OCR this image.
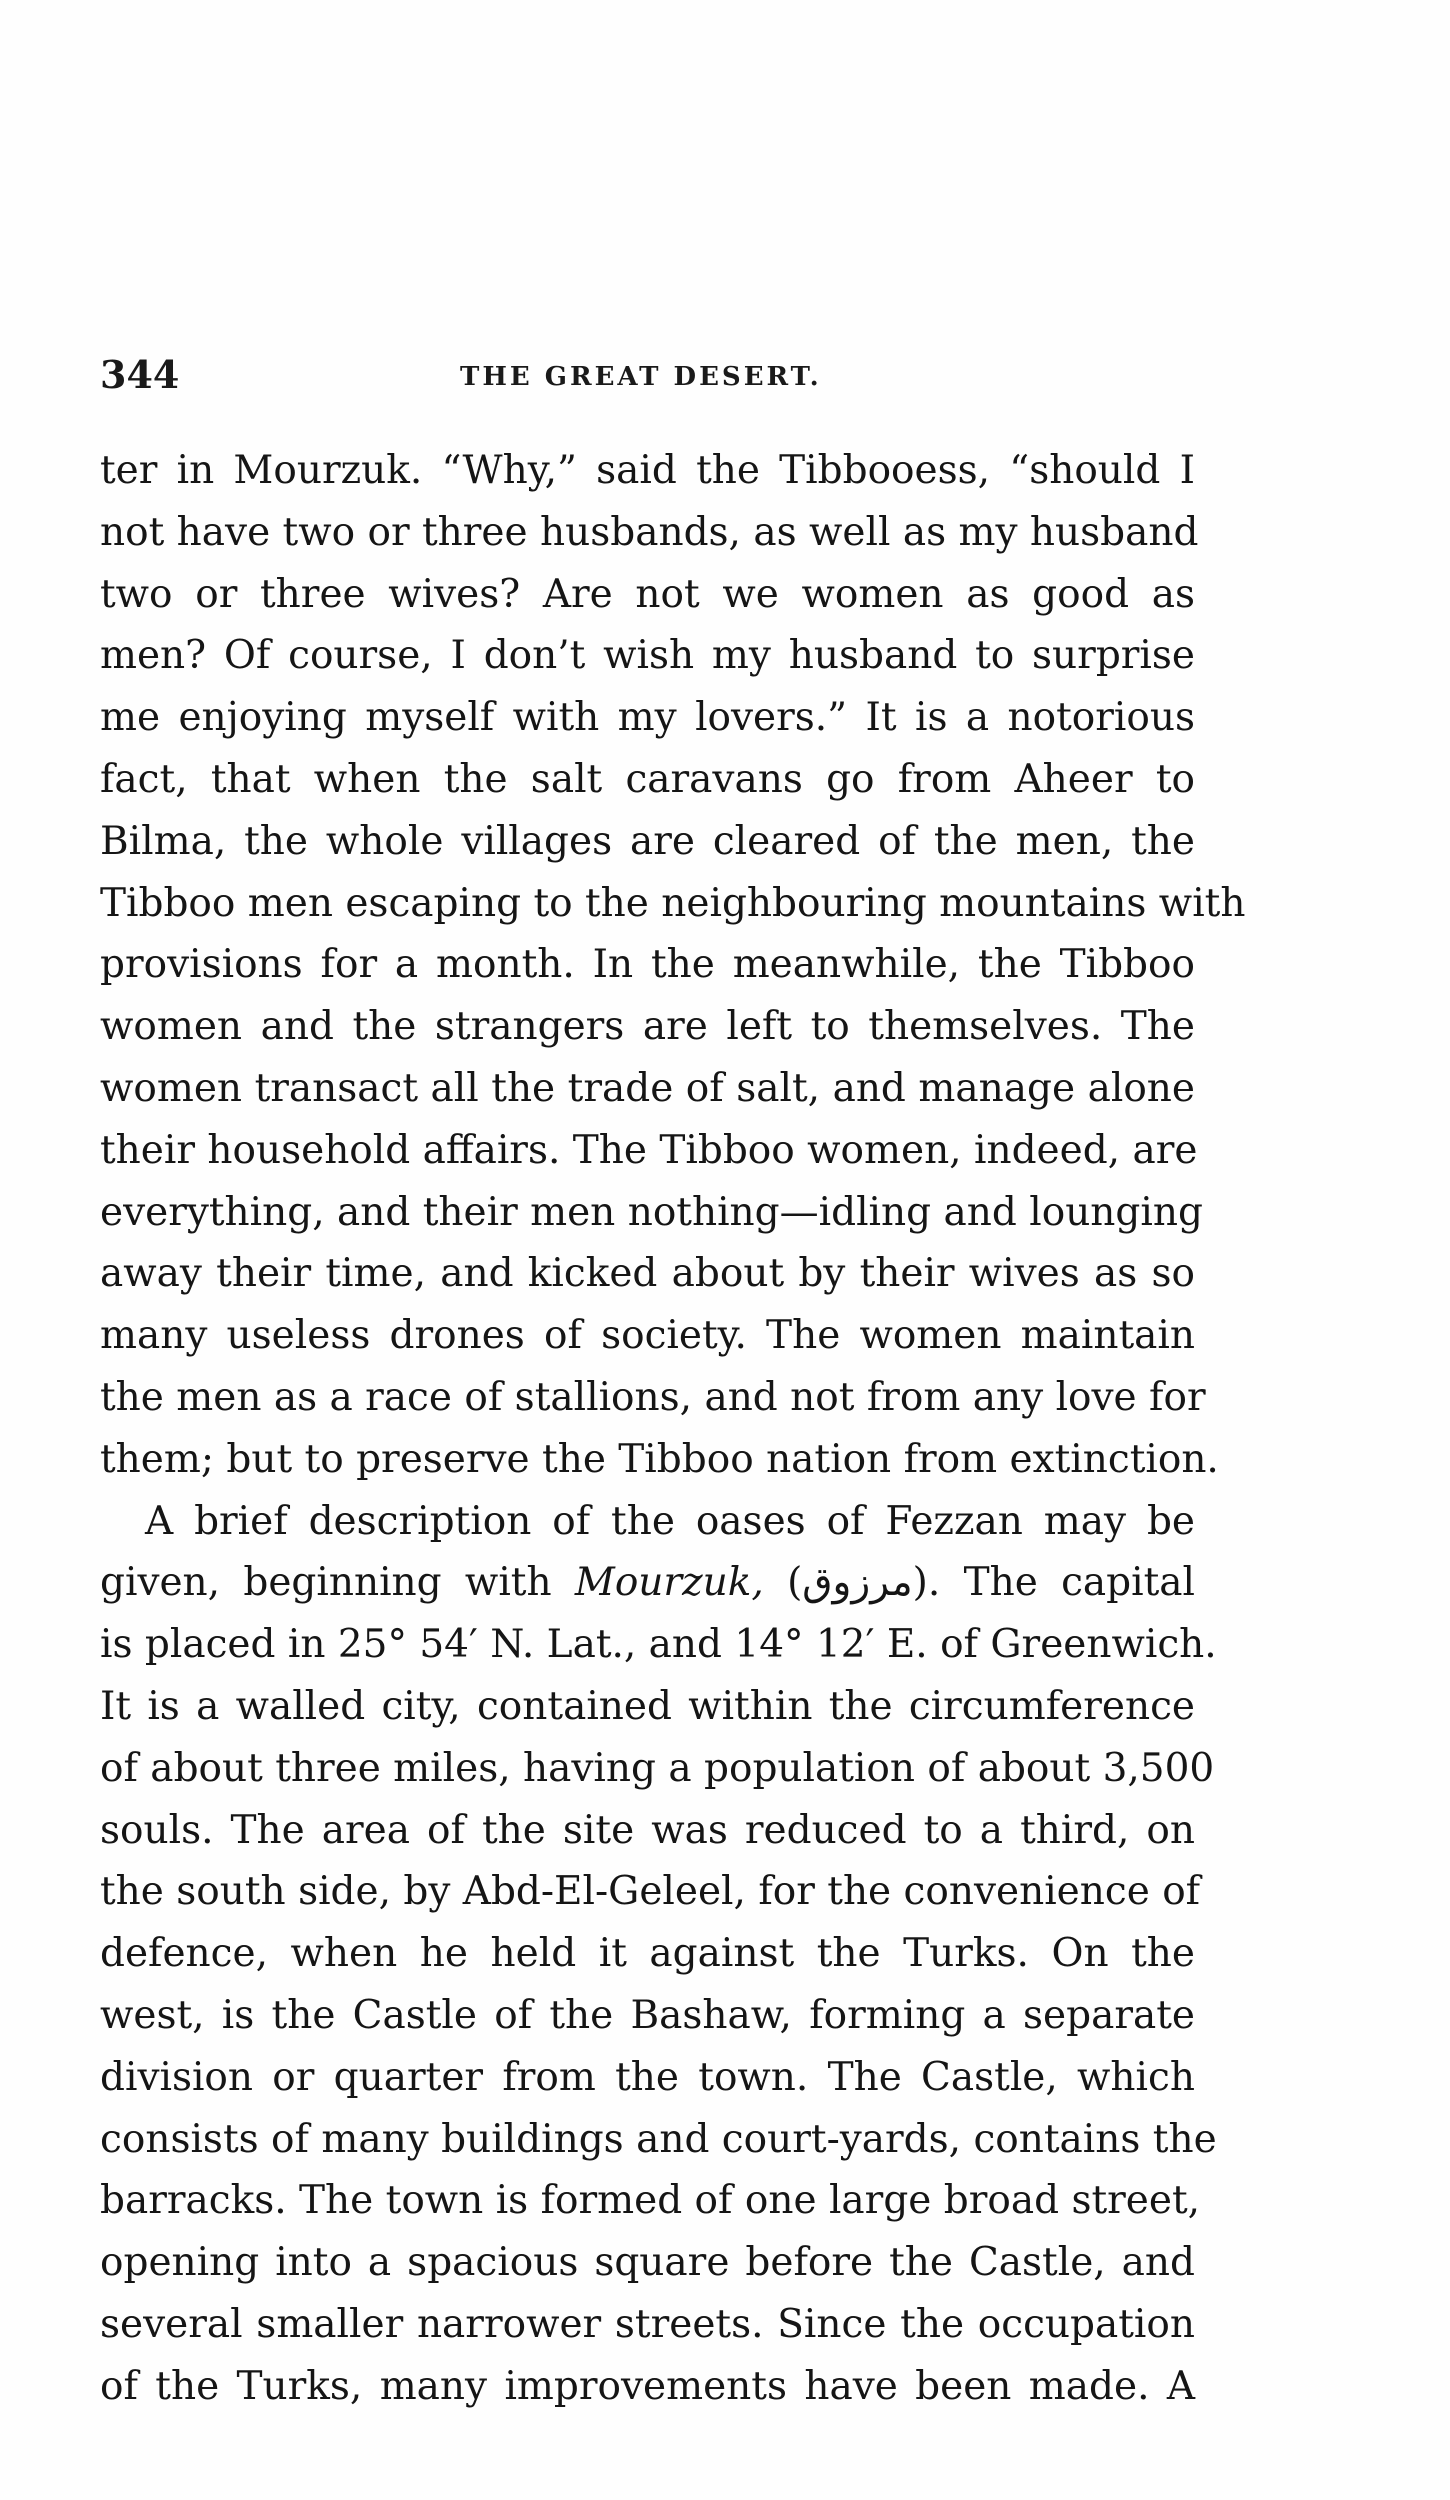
344	THE GREAT DESERT.
ter in Mourzuk. “Why,” said the Tibbooess, “should I
not have two or three husbands, as well as my husband
two or three wives? Are not we women as good as
men? Of course, I don’t wish my husband to surprise
me enjoying myself with my lovers.” It is a notorious
fact, that when the salt caravans go from Aheer to
Bilma, the whole villages are cleared of the men, the
Tibboo men escaping to the neighbouring mountains with
provisions for a month. In the meanwhile, the Tibboo
women and the strangers are left to themselves. The
women transact all the trade of salt, and manage alone
their household affairs. The Tibboo women, indeed, are
everything, and their men nothing—idling and lounging
away their time, and kicked about by their wives as so
many useless drones of society. The women maintain
the men as a race of stallions, and not from any love for
them; but to preserve the Tibboo nation from extinction.
A brief description of the oases of Fezzan may be
given, beginning with Mourzuk, (مرزوق). The capital
is placed in 25° 54′ N. Lat., and 14° 12′ E. of Greenwich.
It is a walled city, contained within the circumference
of about three miles, having a population of about 3,500
souls. The area of the site was reduced to a third, on
the south side, by Abd-El-Geleel, for the convenience of
defence, when he held it against the Turks. On the
west, is the Castle of the Bashaw, forming a separate
division or quarter from the town. The Castle, which
consists of many buildings and court-yards, contains the
barracks. The town is formed of one large broad street,
opening into a spacious square before the Castle, and
several smaller narrower streets. Since the occupation
of the Turks, many improvements have been made. A
